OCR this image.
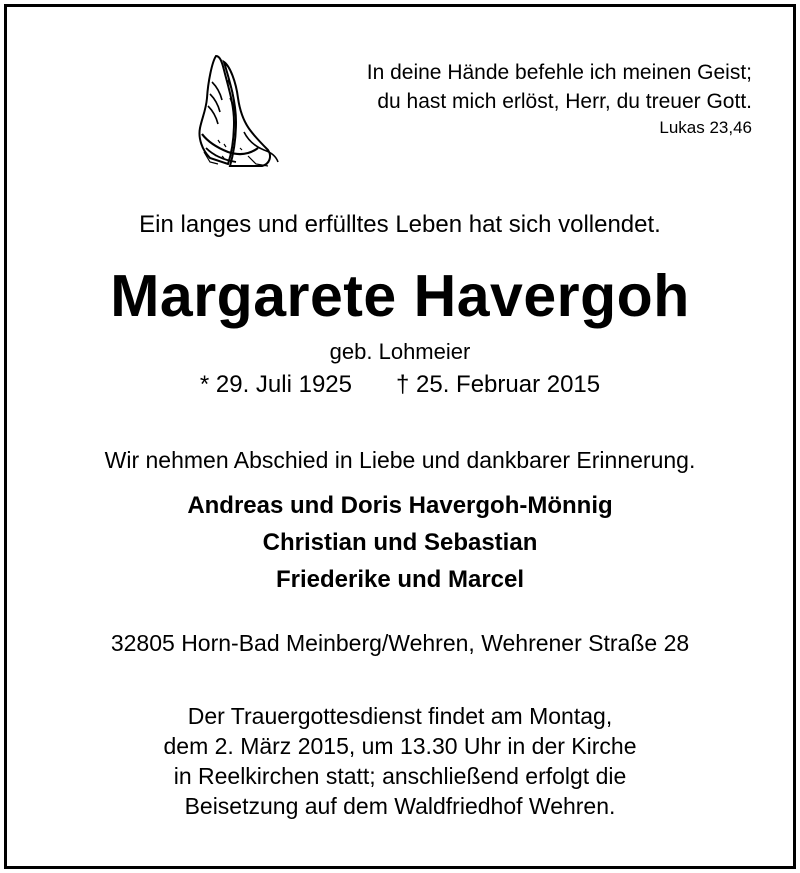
In deine Hände befehle ich meinen Geist;
du hast mich erlöst, Herr, du treuer Gott.
Lukas 23,46
Ein langes und erfülltes Leben hat sich vollendet.
Margarete Havergoh
geb. Lohmeier
* 29. Juli 1925 † 25. Februar 2015
Wir nehmen Abschied in Liebe und dankbarer Erinnerung.
Andreas und Doris Havergoh-Mönnig
Christian und Sebastian
Friederike und Marcel
32805 Horn-Bad Meinberg/Wehren, Wehrener Straße 28
Der Trauergottesdienst findet am Montag,
dem 2. März 2015, um 13.30 Uhr in der Kirche
in Reelkirchen statt; anschließend erfolgt die
Beisetzung auf dem Waldfriedhof Wehren.
